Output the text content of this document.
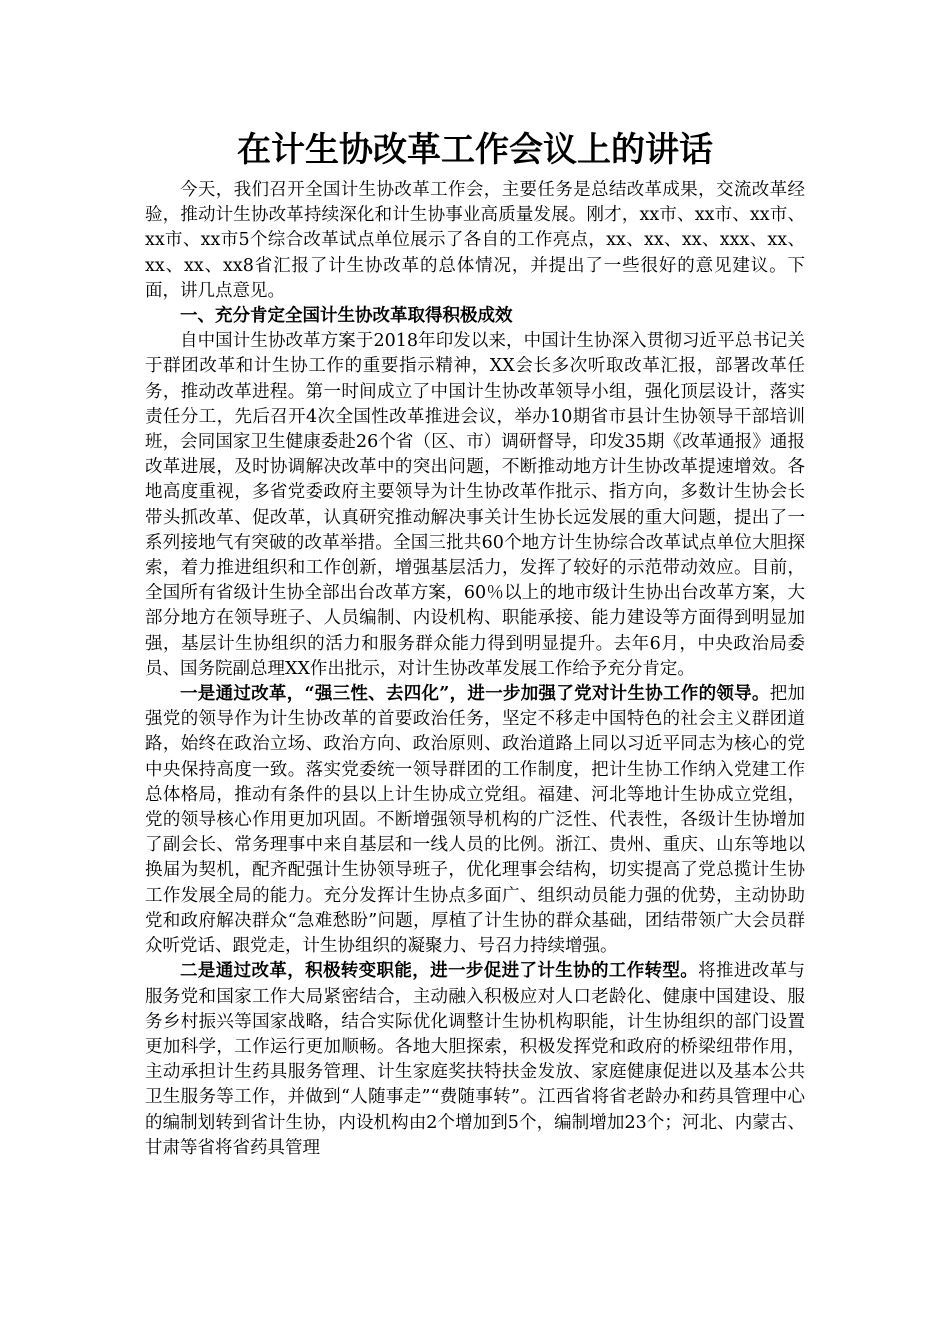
在计生协改革工作会议上的讲话

今天，我们召开全国计生协改革工作会，主要任务是总结改革成果，交流改革经验，推动计生协改革持续深化和计生协事业高质量发展。刚才，xx市、xx市、xx市、xx市、xx市5个综合改革试点单位展示了各自的工作亮点，xx、xx、xx、xxx、xx、xx、xx、xx8省汇报了计生协改革的总体情况，并提出了一些很好的意见建议。下面，讲几点意见。

一、充分肯定全国计生协改革取得积极成效

自中国计生协改革方案于2018年印发以来，中国计生协深入贯彻习近平总书记关于群团改革和计生协工作的重要指示精神，XX会长多次听取改革汇报，部署改革任务，推动改革进程。第一时间成立了中国计生协改革领导小组，强化顶层设计，落实责任分工，先后召开4次全国性改革推进会议，举办10期省市县计生协领导干部培训班，会同国家卫生健康委赴26个省（区、市）调研督导，印发35期《改革通报》通报改革进展，及时协调解决改革中的突出问题，不断推动地方计生协改革提速增效。各地高度重视，多省党委政府主要领导为计生协改革作批示、指方向，多数计生协会长带头抓改革、促改革，认真研究推动解决事关计生协长远发展的重大问题，提出了一系列接地气有突破的改革举措。全国三批共60个地方计生协综合改革试点单位大胆探索，着力推进组织和工作创新，增强基层活力，发挥了较好的示范带动效应。目前，全国所有省级计生协全部出台改革方案，60％以上的地市级计生协出台改革方案，大部分地方在领导班子、人员编制、内设机构、职能承接、能力建设等方面得到明显加强，基层计生协组织的活力和服务群众能力得到明显提升。去年6月，中央政治局委员、国务院副总理XX作出批示，对计生协改革发展工作给予充分肯定。

一是通过改革，“强三性、去四化”，进一步加强了党对计生协工作的领导。把加强党的领导作为计生协改革的首要政治任务，坚定不移走中国特色的社会主义群团道路，始终在政治立场、政治方向、政治原则、政治道路上同以习近平同志为核心的党中央保持高度一致。落实党委统一领导群团的工作制度，把计生协工作纳入党建工作总体格局，推动有条件的县以上计生协成立党组。福建、河北等地计生协成立党组，党的领导核心作用更加巩固。不断增强领导机构的广泛性、代表性，各级计生协增加了副会长、常务理事中来自基层和一线人员的比例。浙江、贵州、重庆、山东等地以换届为契机，配齐配强计生协领导班子，优化理事会结构，切实提高了党总揽计生协工作发展全局的能力。充分发挥计生协点多面广、组织动员能力强的优势，主动协助党和政府解决群众“急难愁盼”问题，厚植了计生协的群众基础，团结带领广大会员群众听党话、跟党走，计生协组织的凝聚力、号召力持续增强。

二是通过改革，积极转变职能，进一步促进了计生协的工作转型。将推进改革与服务党和国家工作大局紧密结合，主动融入积极应对人口老龄化、健康中国建设、服务乡村振兴等国家战略，结合实际优化调整计生协机构职能，计生协组织的部门设置更加科学，工作运行更加顺畅。各地大胆探索，积极发挥党和政府的桥梁纽带作用，主动承担计生药具服务管理、计生家庭奖扶特扶金发放、家庭健康促进以及基本公共卫生服务等工作，并做到“人随事走”“费随事转”。江西省将省老龄办和药具管理中心的编制划转到省计生协，内设机构由2个增加到5个，编制增加23个；河北、内蒙古、甘肃等省将省药具管理
